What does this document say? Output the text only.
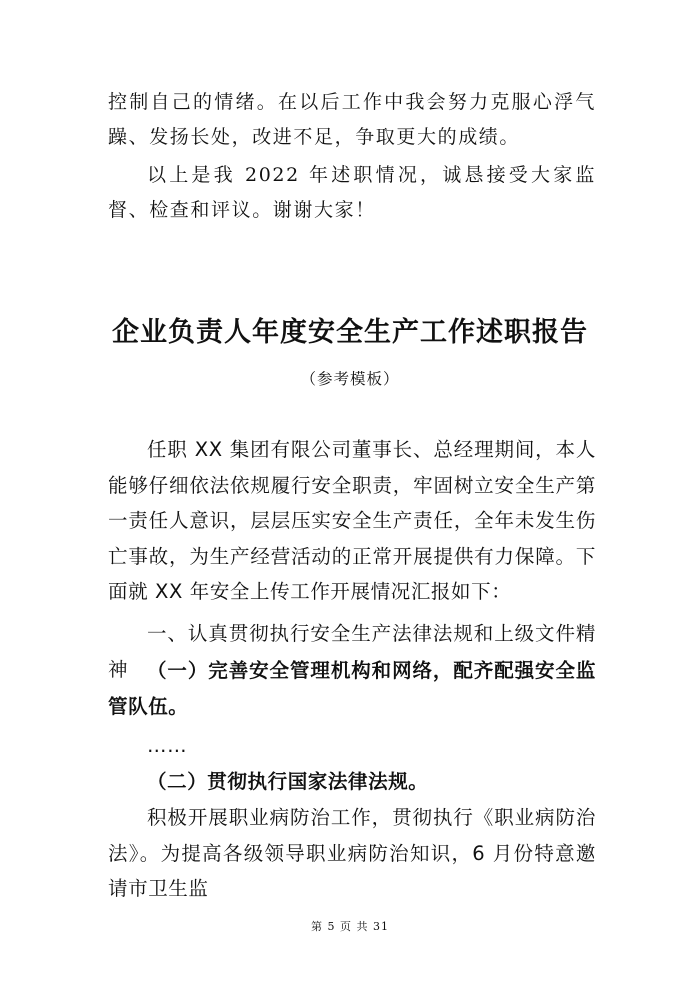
控制自己的情绪。在以后工作中我会努力克服心浮气躁、发扬长处，改进不足，争取更大的成绩。

以上是我 2022 年述职情况，诚恳接受大家监督、检查和评议。谢谢大家！

企业负责人年度安全生产工作述职报告

（参考模板）

任职 XX 集团有限公司董事长、总经理期间，本人能够仔细依法依规履行安全职责，牢固树立安全生产第一责任人意识，层层压实安全生产责任，全年未发生伤亡事故，为生产经营活动的正常开展提供有力保障。下面就 XX 年安全上传工作开展情况汇报如下：

一、认真贯彻执行安全生产法律法规和上级文件精神 （一）完善安全管理机构和网络，配齐配强安全监管队伍。

……

（二）贯彻执行国家法律法规。

积极开展职业病防治工作，贯彻执行《职业病防治法》。为提高各级领导职业病防治知识，6 月份特意邀请市卫生监

第 5 页 共 31
